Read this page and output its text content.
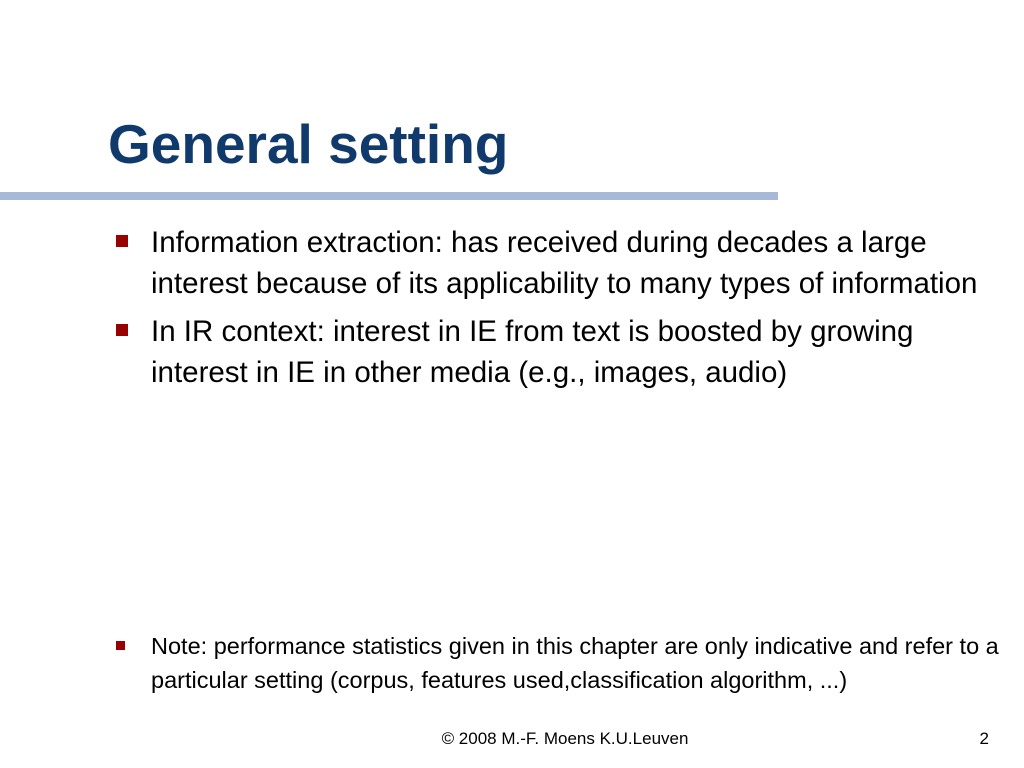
General setting
Information extraction: has received during decades a large interest because of its applicability to many types of information
In IR context: interest in IE from text is boosted by growing interest in IE in other media (e.g., images, audio)
Note: performance statistics given in this chapter are only indicative and refer to a particular setting (corpus, features used,classification algorithm, ...)
© 2008 M.-F. Moens K.U.Leuven	2
